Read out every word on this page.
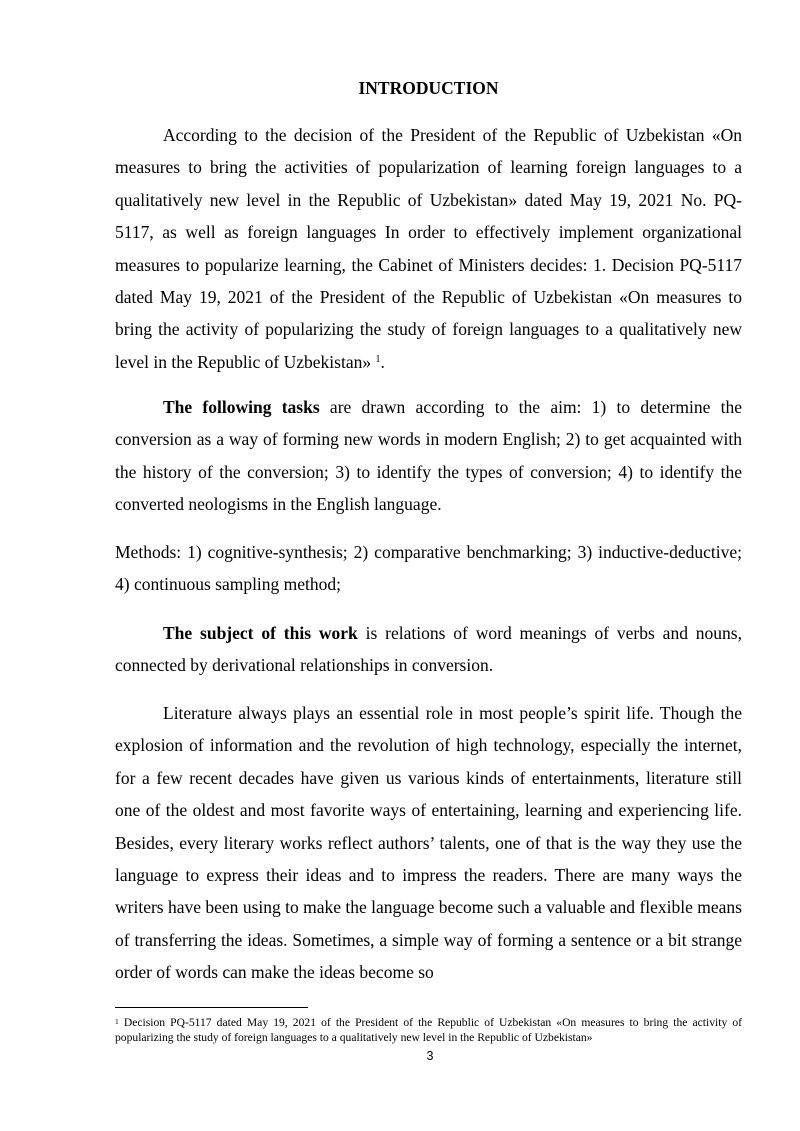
INTRODUCTION

According to the decision of the President of the Republic of Uzbekistan «On measures to bring the activities of popularization of learning foreign languages to a qualitatively new level in the Republic of Uzbekistan» dated May 19, 2021 No. PQ-5117, as well as foreign languages In order to effectively implement organizational measures to popularize learning, the Cabinet of Ministers decides: 1. Decision PQ-5117 dated May 19, 2021 of the President of the Republic of Uzbekistan «On measures to bring the activity of popularizing the study of foreign languages to a qualitatively new level in the Republic of Uzbekistan» $^1$.

The following tasks are drawn according to the aim: 1) to determine the conversion as a way of forming new words in modern English; 2) to get acquainted with the history of the conversion; 3) to identify the types of conversion; 4) to identify the converted neologisms in the English language.

Methods: 1) cognitive-synthesis; 2) comparative benchmarking; 3) inductive-deductive; 4) continuous sampling method;

The subject of this work is relations of word meanings of verbs and nouns, connected by derivational relationships in conversion.

Literature always plays an essential role in most people’s spirit life. Though the explosion of information and the revolution of high technology, especially the internet, for a few recent decades have given us various kinds of entertainments, literature still one of the oldest and most favorite ways of entertaining, learning and experiencing life. Besides, every literary works reflect authors’ talents, one of that is the way they use the language to express their ideas and to impress the readers. There are many ways the writers have been using to make the language become such a valuable and flexible means of transferring the ideas. Sometimes, a simple way of forming a sentence or a bit strange order of words can make the ideas become so

$^1$ Decision PQ-5117 dated May 19, 2021 of the President of the Republic of Uzbekistan «On measures to bring the activity of popularizing the study of foreign languages to a qualitatively new level in the Republic of Uzbekistan»
3
